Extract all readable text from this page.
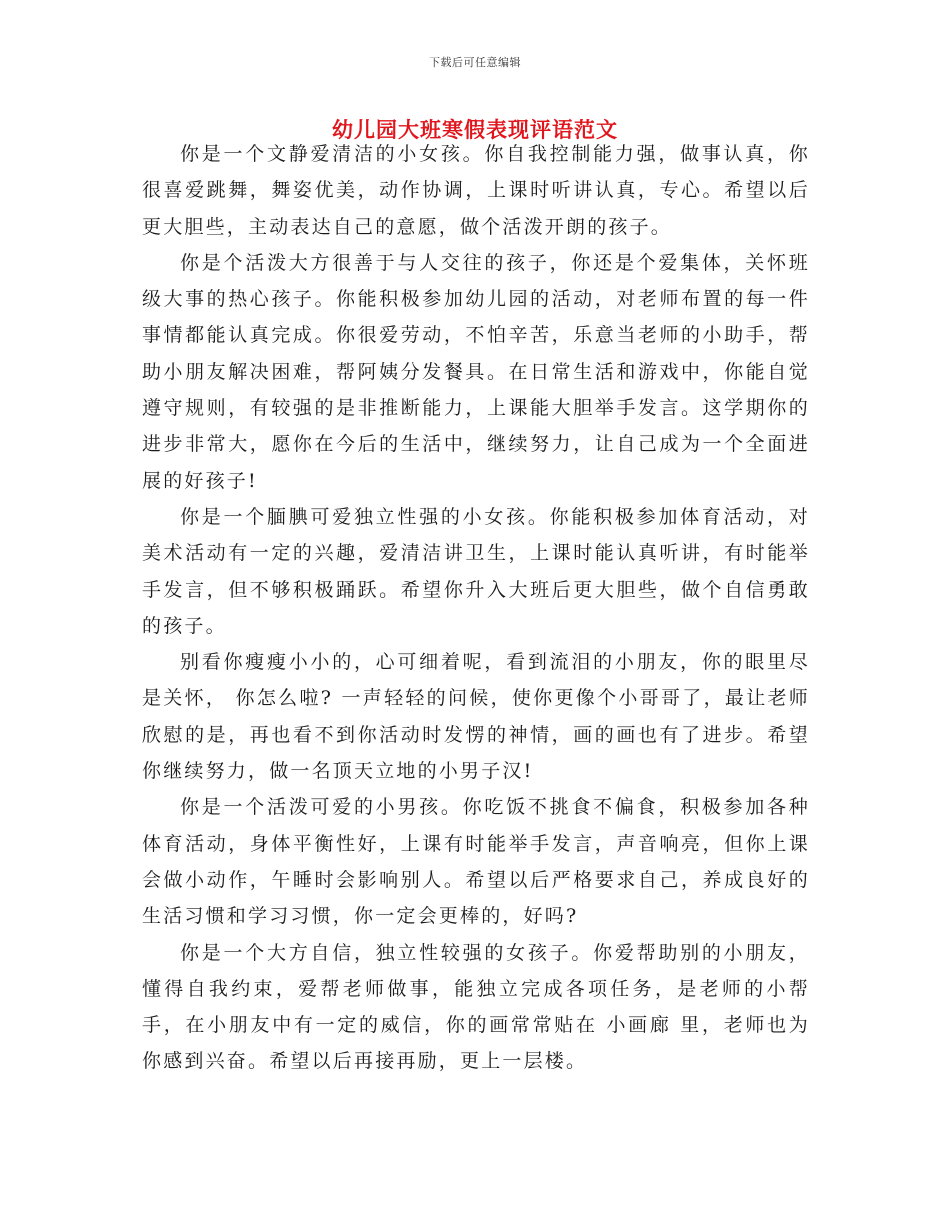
下载后可任意编辑
幼儿园大班寒假表现评语范文

你是一个文静爱清洁的小女孩。你自我控制能力强，做事认真，你很喜爱跳舞，舞姿优美，动作协调，上课时听讲认真，专心。希望以后更大胆些，主动表达自己的意愿，做个活泼开朗的孩子。

你是个活泼大方很善于与人交往的孩子，你还是个爱集体，关怀班级大事的热心孩子。你能积极参加幼儿园的活动，对老师布置的每一件事情都能认真完成。你很爱劳动，不怕辛苦，乐意当老师的小助手，帮助小朋友解决困难，帮阿姨分发餐具。在日常生活和游戏中，你能自觉遵守规则，有较强的是非推断能力，上课能大胆举手发言。这学期你的进步非常大，愿你在今后的生活中，继续努力，让自己成为一个全面进展的好孩子!

你是一个腼腆可爱独立性强的小女孩。你能积极参加体育活动，对美术活动有一定的兴趣，爱清洁讲卫生，上课时能认真听讲，有时能举手发言，但不够积极踊跃。希望你升入大班后更大胆些，做个自信勇敢的孩子。

别看你瘦瘦小小的，心可细着呢，看到流泪的小朋友，你的眼里尽是关怀， 你怎么啦? 一声轻轻的问候，使你更像个小哥哥了，最让老师欣慰的是，再也看不到你活动时发愣的神情，画的画也有了进步。希望你继续努力，做一名顶天立地的小男子汉!

你是一个活泼可爱的小男孩。你吃饭不挑食不偏食，积极参加各种体育活动，身体平衡性好，上课有时能举手发言，声音响亮，但你上课会做小动作，午睡时会影响别人。希望以后严格要求自己，养成良好的生活习惯和学习习惯，你一定会更棒的，好吗?

你是一个大方自信，独立性较强的女孩子。你爱帮助别的小朋友，懂得自我约束，爱帮老师做事，能独立完成各项任务，是老师的小帮手，在小朋友中有一定的威信，你的画常常贴在 小画廊 里，老师也为你感到兴奋。希望以后再接再励，更上一层楼。
